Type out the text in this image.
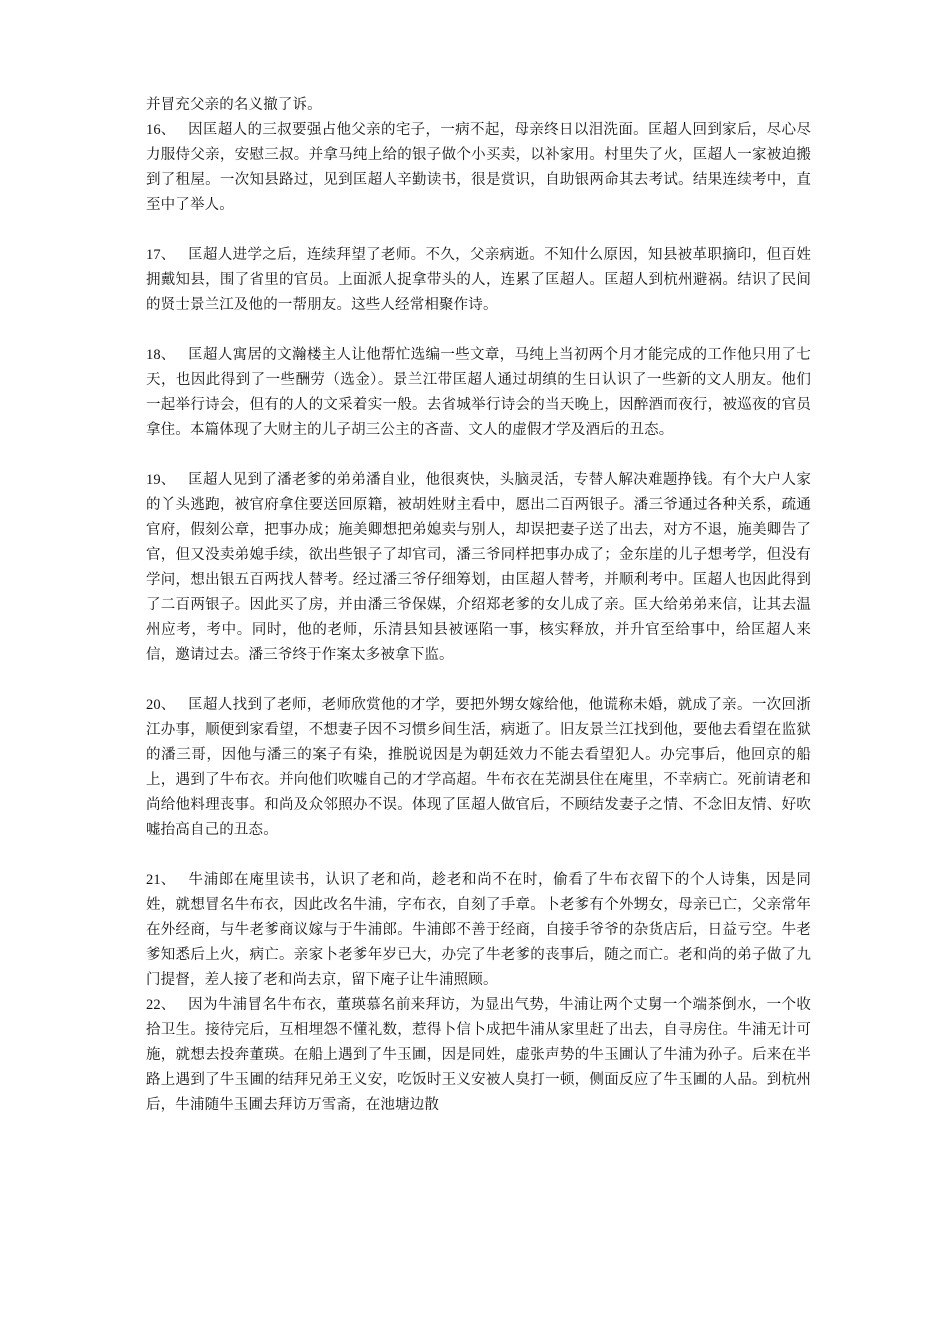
并冒充父亲的名义撤了诉。

16、 因匡超人的三叔要强占他父亲的宅子，一病不起，母亲终日以泪洗面。匡超人回到家后，尽心尽力服侍父亲，安慰三叔。并拿马纯上给的银子做个小买卖，以补家用。村里失了火，匡超人一家被迫搬到了租屋。一次知县路过，见到匡超人辛勤读书，很是赏识，自助银两命其去考试。结果连续考中，直至中了举人。

17、 匡超人进学之后，连续拜望了老师。不久，父亲病逝。不知什么原因，知县被革职摘印，但百姓拥戴知县，围了省里的官员。上面派人捉拿带头的人，连累了匡超人。匡超人到杭州避祸。结识了民间的贤士景兰江及他的一帮朋友。这些人经常相聚作诗。

18、 匡超人寓居的文瀚楼主人让他帮忙选编一些文章，马纯上当初两个月才能完成的工作他只用了七天，也因此得到了一些酬劳（选金）。景兰江带匡超人通过胡缜的生日认识了一些新的文人朋友。他们一起举行诗会，但有的人的文采着实一般。去省城举行诗会的当天晚上，因醉酒而夜行，被巡夜的官员拿住。本篇体现了大财主的儿子胡三公主的吝啬、文人的虚假才学及酒后的丑态。

19、 匡超人见到了潘老爹的弟弟潘自业，他很爽快，头脑灵活，专替人解决难题挣钱。有个大户人家的丫头逃跑，被官府拿住要送回原籍，被胡姓财主看中，愿出二百两银子。潘三爷通过各种关系，疏通官府，假刻公章，把事办成；施美卿想把弟媳卖与别人，却误把妻子送了出去，对方不退，施美卿告了官，但又没卖弟媳手续，欲出些银子了却官司，潘三爷同样把事办成了；金东崖的儿子想考学，但没有学问，想出银五百两找人替考。经过潘三爷仔细筹划，由匡超人替考，并顺利考中。匡超人也因此得到了二百两银子。因此买了房，并由潘三爷保媒，介绍郑老爹的女儿成了亲。匡大给弟弟来信，让其去温州应考，考中。同时，他的老师，乐清县知县被诬陷一事，核实释放，并升官至给事中，给匡超人来信，邀请过去。潘三爷终于作案太多被拿下监。

20、 匡超人找到了老师，老师欣赏他的才学，要把外甥女嫁给他，他谎称未婚，就成了亲。一次回浙江办事，顺便到家看望，不想妻子因不习惯乡间生活，病逝了。旧友景兰江找到他，要他去看望在监狱的潘三哥，因他与潘三的案子有染，推脱说因是为朝廷效力不能去看望犯人。办完事后，他回京的船上，遇到了牛布衣。并向他们吹嘘自己的才学高超。牛布衣在芜湖县住在庵里，不幸病亡。死前请老和尚给他料理丧事。和尚及众邻照办不误。体现了匡超人做官后，不顾结发妻子之情、不念旧友情、好吹嘘抬高自己的丑态。

21、 牛浦郎在庵里读书，认识了老和尚，趁老和尚不在时，偷看了牛布衣留下的个人诗集，因是同姓，就想冒名牛布衣，因此改名牛浦，字布衣，自刻了手章。卜老爹有个外甥女，母亲已亡，父亲常年在外经商，与牛老爹商议嫁与于牛浦郎。牛浦郎不善于经商，自接手爷爷的杂货店后，日益亏空。牛老爹知悉后上火，病亡。亲家卜老爹年岁已大，办完了牛老爹的丧事后，随之而亡。老和尚的弟子做了九门提督，差人接了老和尚去京，留下庵子让牛浦照顾。

22、 因为牛浦冒名牛布衣，董瑛慕名前来拜访，为显出气势，牛浦让两个丈舅一个端茶倒水，一个收拾卫生。接待完后，互相埋怨不懂礼数，惹得卜信卜成把牛浦从家里赶了出去，自寻房住。牛浦无计可施，就想去投奔董瑛。在船上遇到了牛玉圃，因是同姓，虚张声势的牛玉圃认了牛浦为孙子。后来在半路上遇到了牛玉圃的结拜兄弟王义安，吃饭时王义安被人臭打一顿，侧面反应了牛玉圃的人品。到杭州后，牛浦随牛玉圃去拜访万雪斋，在池塘边散
